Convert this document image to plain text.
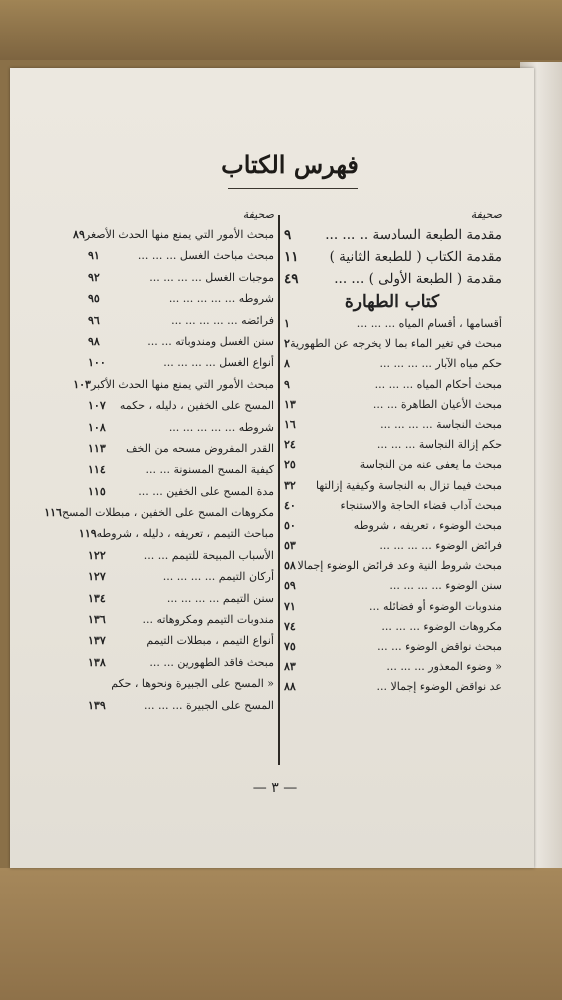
فهرس الكتاب
صحيفة
مقدمة الطبعة السادسة .. ... ...
٩
مقدمة الكتاب ( للطبعة الثانية )
١١
مقدمة ( الطبعة الأولى ) ... ...
٤٩
كتاب الطهارة
أقسامها ، أقسام المياه ... ... ...
١
مبحث في تغير الماء بما لا يخرجه عن الطهورية
٢
حكم مياه الآبار ... ... ... ...
٨
مبحث أحكام المياه ... ... ...
٩
مبحث الأعيان الطاهرة ... ...
١٣
مبحث النجاسة ... ... ... ...
١٦
حكم إزالة النجاسة ... ... ...
٢٤
مبحث ما يعفى عنه من النجاسة
٢٥
مبحث فيما تزال به النجاسة وكيفية إزالتها
٣٢
مبحث آداب قضاء الحاجة والاستنجاء
٤٠
مبحث الوضوء ، تعريفه ، شروطه
٥٠
فرائض الوضوء ... ... ... ...
٥٣
مبحث شروط النية وعد فرائض الوضوء إجمالا
٥٨
سنن الوضوء ... ... ... ...
٥٩
مندوبات الوضوء أو فضائله ...
٧١
مكروهات الوضوء ... ... ...
٧٤
مبحث نواقض الوضوء ... ...
٧٥
« وضوء المعذور ... ... ...
٨٣
عد نواقض الوضوء إجمالا ...
٨٨
صحيفة
مبحث الأمور التي يمنع منها الحدث الأصغر
٨٩
مبحث مباحث الغسل ... ... ...
٩١
موجبات الغسل ... ... ... ...
٩٢
شروطه ... ... ... ... ...
٩٥
فرائضه ... ... ... ... ...
٩٦
سنن الغسل ومندوباته ... ...
٩٨
أنواع الغسل ... ... ... ...
١٠٠
مبحث الأمور التي يمنع منها الحدث الأكبر
١٠٣
المسح على الخفين ، دليله ، حكمه
١٠٧
شروطه ... ... ... ... ...
١٠٨
القدر المفروض مسحه من الخف
١١٣
كيفية المسح المسنونة ... ...
١١٤
مدة المسح على الخفين ... ...
١١٥
مكروهات المسح على الخفين ، مبطلات المسح
١١٦
مباحث التيمم ، تعريفه ، دليله ، شروطه
١١٩
الأسباب المبيحة للتيمم ... ...
١٢٢
أركان التيمم ... ... ... ...
١٢٧
سنن التيمم ... ... ... ...
١٣٤
مندوبات التيمم ومكروهاته ...
١٣٦
أنواع التيمم ، مبطلات التيمم
١٣٧
مبحث فاقد الطهورين ... ...
١٣٨
« المسح على الجبيرة ونحوها ، حكم
المسح على الجبيرة ... ... ...
١٣٩
— ٣ —
